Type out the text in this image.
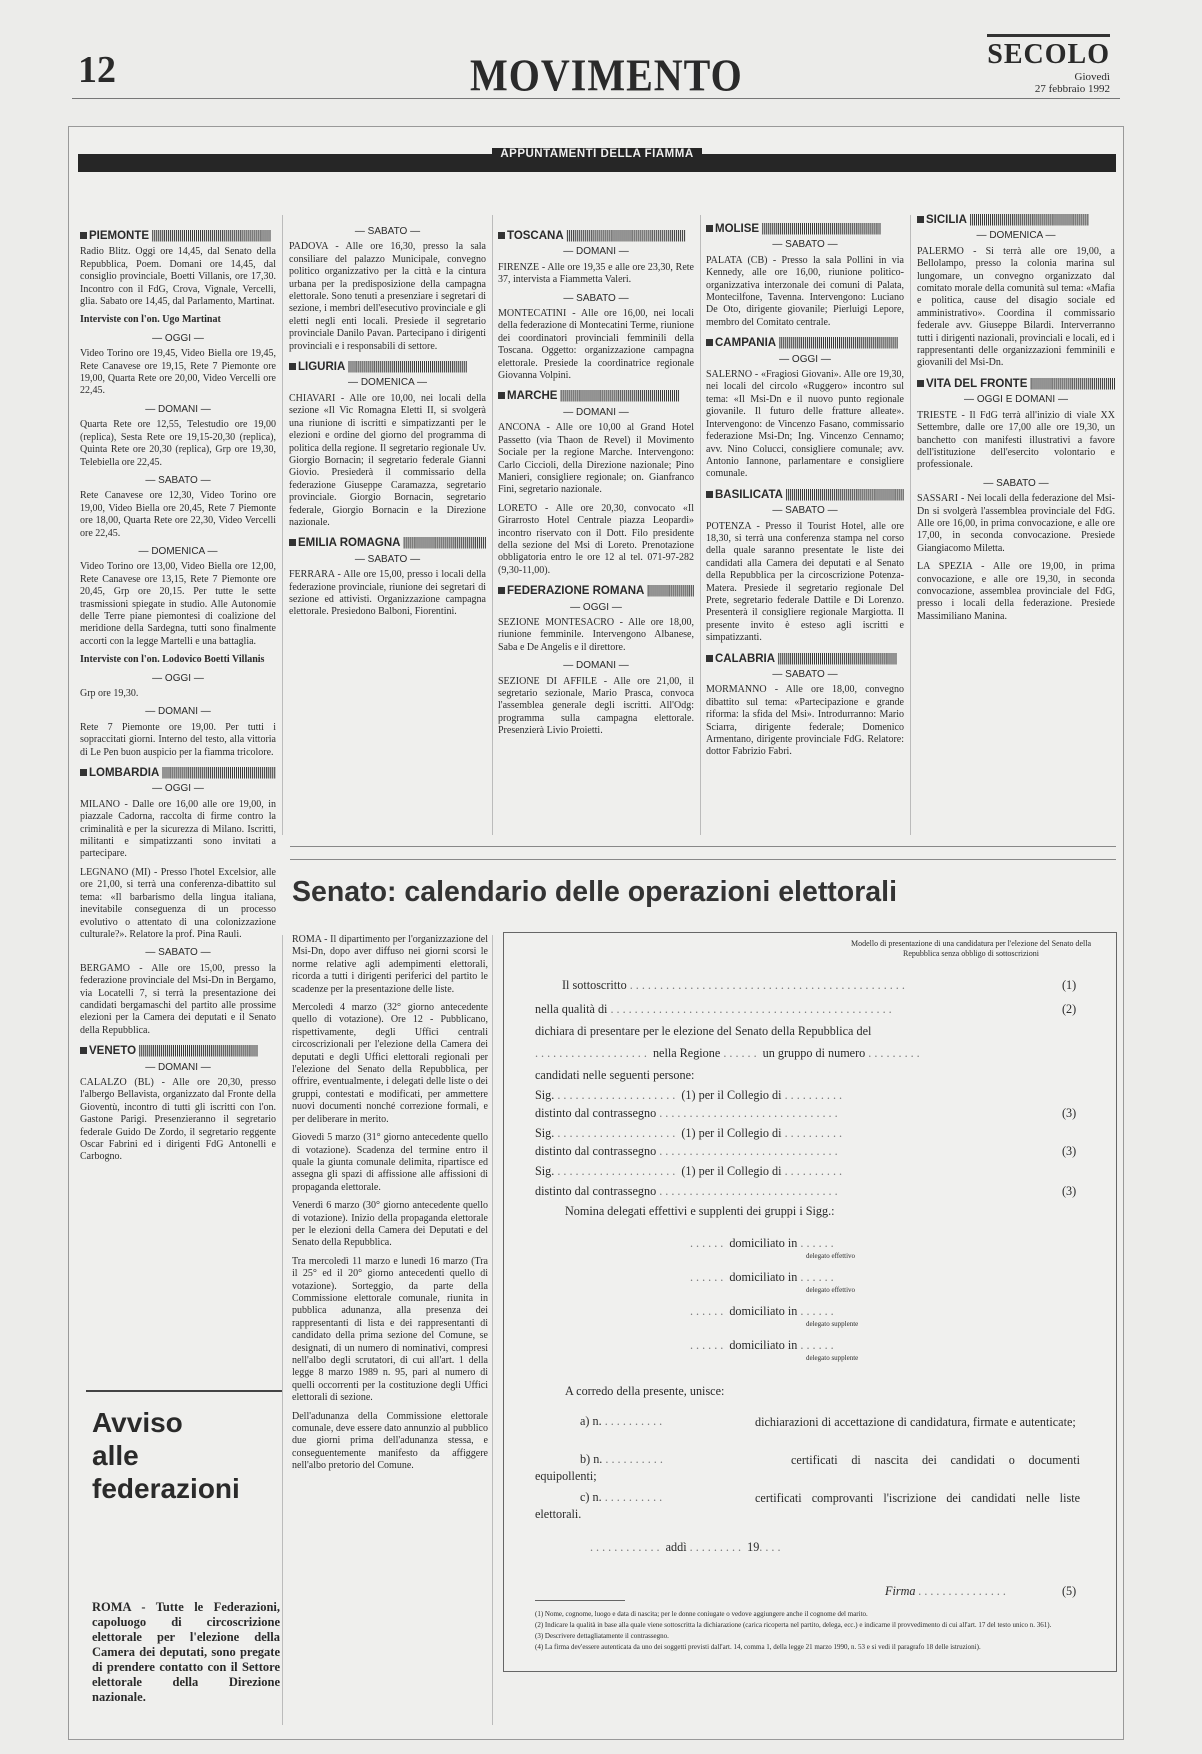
12	MOVIMENTO	SECOLO
Giovedì
27 febbraio 1992
APPUNTAMENTI DELLA FIAMMA
PIEMONTE ||||||||||||||||||||||||||||||||||||||||||||||||||||||||||||

Radio Blitz. Oggi ore 14,45, dal Senato della Repubblica, Poem. Domani ore 14,45, dal consiglio provinciale, Boetti Villanis, ore 17,30. Incontro con il FdG, Crova, Vignale, Vercelli, glia. Sabato ore 14,45, dal Parlamento, Martinat.

Interviste con l'on. Ugo Martinat

— OGGI —

Video Torino ore 19,45, Video Biella ore 19,45, Rete Canavese ore 19,15, Rete 7 Piemonte ore 19,00, Quarta Rete ore 20,00, Video Vercelli ore 22,45.

— DOMANI —

Quarta Rete ore 12,55, Telestudio ore 19,00 (replica), Sesta Rete ore 19,15-20,30 (replica), Quinta Rete ore 20,30 (replica), Grp ore 19,30, Telebiella ore 22,45.

— SABATO —

Rete Canavese ore 12,30, Video Torino ore 19,00, Video Biella ore 20,45, Rete 7 Piemonte ore 18,00, Quarta Rete ore 22,30, Video Vercelli ore 22,45.

— DOMENICA —

Video Torino ore 13,00, Video Biella ore 12,00, Rete Canavese ore 13,15, Rete 7 Piemonte ore 20,45, Grp ore 20,15. Per tutte le sette trasmissioni spiegate in studio. Alle Autonomie delle Terre piane piemontesi di coalizione del meridione della Sardegna, tutti sono finalmente accorti con la legge Martelli e una battaglia.

Interviste con l'on. Lodovico Boetti Villanis

— OGGI —

Grp ore 19,30.

— DOMANI —

Rete 7 Piemonte ore 19,00. Per tutti i sopraccitati giorni. Interno del testo, alla vittoria di Le Pen buon auspicio per la fiamma tricolore.

LOMBARDIA ||||||||||||||||||||||||||||||||||||||||||||||||||||||||||||
— OGGI —

MILANO - Dalle ore 16,00 alle ore 19,00, in piazzale Cadorna, raccolta di firme contro la criminalità e per la sicurezza di Milano. Iscritti, militanti e simpatizzanti sono invitati a partecipare.

LEGNANO (MI) - Presso l'hotel Excelsior, alle ore 21,00, si terrà una conferenza-dibattito sul tema: «Il barbarismo della lingua italiana, inevitabile conseguenza di un processo evolutivo o attentato di una colonizzazione culturale?». Relatore la prof. Pina Rauli.

— SABATO —

BERGAMO - Alle ore 15,00, presso la federazione provinciale del Msi-Dn in Bergamo, via Locatelli 7, si terrà la presentazione dei candidati bergamaschi del partito alle prossime elezioni per la Camera dei deputati e il Senato della Repubblica.

VENETO ||||||||||||||||||||||||||||||||||||||||||||||||||||||||||||
— DOMANI —

CALALZO (BL) - Alle ore 20,30, presso l'albergo Bellavista, organizzato dal Fronte della Gioventù, incontro di tutti gli iscritti con l'on. Gastone Parigi. Presenzieranno il segretario federale Guido De Zordo, il segretario reggente Oscar Fabrini ed i dirigenti FdG Antonelli e Carbogno.

— SABATO —

PADOVA - Alle ore 16,30, presso la sala consiliare del palazzo Municipale, convegno politico organizzativo per la città e la cintura urbana per la predisposizione della campagna elettorale. Sono tenuti a presenziare i segretari di sezione, i membri dell'esecutivo provinciale e gli eletti negli enti locali. Presiede il segretario provinciale Danilo Pavan. Partecipano i dirigenti provinciali e i responsabili di settore.

LIGURIA ||||||||||||||||||||||||||||||||||||||||||||||||||||||||||||
— DOMENICA —

CHIAVARI - Alle ore 10,00, nei locali della sezione «Il Vic Romagna Eletti II, si svolgerà una riunione di iscritti e simpatizzanti per le elezioni e ordine del giorno del programma di politica della regione. Il segretario regionale Uv. Giorgio Bornacin; il segretario federale Gianni Giovio. Presiederà il commissario della federazione Giuseppe Caramazza, segretario provinciale. Giorgio Bornacin, segretario federale, Giorgio Bornacin e la Direzione nazionale.

EMILIA ROMAGNA ||||||||||||||||||||||||||||||||||||||||||||||||||||||||||||
— SABATO —

FERRARA - Alle ore 15,00, presso i locali della federazione provinciale, riunione dei segretari di sezione ed attivisti. Organizzazione campagna elettorale. Presiedono Balboni, Fiorentini.

TOSCANA ||||||||||||||||||||||||||||||||||||||||||||||||||||||||||||
— DOMANI —

FIRENZE - Alle ore 19,35 e alle ore 23,30, Rete 37, intervista a Fiammetta Valeri.

— SABATO —

MONTECATINI - Alle ore 16,00, nei locali della federazione di Montecatini Terme, riunione dei coordinatori provinciali femminili della Toscana. Oggetto: organizzazione campagna elettorale. Presiede la coordinatrice regionale Giovanna Volpini.

MARCHE ||||||||||||||||||||||||||||||||||||||||||||||||||||||||||||
— DOMANI —

ANCONA - Alle ore 10,00 al Grand Hotel Passetto (via Thaon de Revel) il Movimento Sociale per la regione Marche. Intervengono: Carlo Ciccioli, della Direzione nazionale; Pino Manieri, consigliere regionale; on. Gianfranco Fini, segretario nazionale.

LORETO - Alle ore 20,30, convocato «Il Girarrosto Hotel Centrale piazza Leopardi» incontro riservato con il Dott. Filo presidente della sezione del Msi di Loreto. Prenotazione obbligatoria entro le ore 12 al tel. 071-97-282 (9,30-11,00).

FEDERAZIONE ROMANA ||||||||||||||||||||||||||||||||||||||||||||||||||||||||||||
— OGGI —

SEZIONE MONTESACRO - Alle ore 18,00, riunione femminile. Intervengono Albanese, Saba e De Angelis e il direttore.

— DOMANI —

SEZIONE DI AFFILE - Alle ore 21,00, il segretario sezionale, Mario Prasca, convoca l'assemblea generale degli iscritti. All'Odg: programma sulla campagna elettorale. Presenzierà Livio Proietti.

MOLISE ||||||||||||||||||||||||||||||||||||||||||||||||||||||||||||
— SABATO —

PALATA (CB) - Presso la sala Pollini in via Kennedy, alle ore 16,00, riunione politico-organizzativa interzonale dei comuni di Palata, Montecilfone, Tavenna. Intervengono: Luciano De Oto, dirigente giovanile; Pierluigi Lepore, membro del Comitato centrale.

CAMPANIA ||||||||||||||||||||||||||||||||||||||||||||||||||||||||||||
— OGGI —

SALERNO - «Fragiosi Giovani». Alle ore 19,30, nei locali del circolo «Ruggero» incontro sul tema: «Il Msi-Dn e il nuovo punto regionale giovanile. Il futuro delle fratture alleate». Intervengono: de Vincenzo Fasano, commissario federazione Msi-Dn; Ing. Vincenzo Cennamo; avv. Nino Colucci, consigliere comunale; avv. Antonio Iannone, parlamentare e consigliere comunale.

BASILICATA ||||||||||||||||||||||||||||||||||||||||||||||||||||||||||||
— SABATO —

POTENZA - Presso il Tourist Hotel, alle ore 18,30, si terrà una conferenza stampa nel corso della quale saranno presentate le liste dei candidati alla Camera dei deputati e al Senato della Repubblica per la circoscrizione Potenza-Matera. Presiede il segretario regionale Del Prete, segretario federale Dattile e Di Lorenzo. Presenterà il consigliere regionale Margiotta. Il presente invito è esteso agli iscritti e simpatizzanti.

CALABRIA ||||||||||||||||||||||||||||||||||||||||||||||||||||||||||||
— SABATO —

MORMANNO - Alle ore 18,00, convegno dibattito sul tema: «Partecipazione e grande riforma: la sfida del Msi». Introdurranno: Mario Sciarra, dirigente federale; Domenico Armentano, dirigente provinciale FdG. Relatore: dottor Fabrizio Fabri.

SICILIA ||||||||||||||||||||||||||||||||||||||||||||||||||||||||||||
— DOMENICA —

PALERMO - Si terrà alle ore 19,00, a Bellolampo, presso la colonia marina sul lungomare, un convegno organizzato dal comitato morale della comunità sul tema: «Mafia e politica, cause del disagio sociale ed amministrativo». Coordina il commissario federale avv. Giuseppe Bilardi. Interverranno tutti i dirigenti nazionali, provinciali e locali, ed i rappresentanti delle organizzazioni femminili e giovanili del Msi-Dn.

VITA DEL FRONTE ||||||||||||||||||||||||||||||||||||||||||||||||||||||||||||
— OGGI E DOMANI —

TRIESTE - Il FdG terrà all'inizio di viale XX Settembre, dalle ore 17,00 alle ore 19,30, un banchetto con manifesti illustrativi a favore dell'istituzione dell'esercito volontario e professionale.

— SABATO —

SASSARI - Nei locali della federazione del Msi-Dn si svolgerà l'assemblea provinciale del FdG. Alle ore 16,00, in prima convocazione, e alle ore 17,00, in seconda convocazione. Presiede Giangiacomo Miletta.

LA SPEZIA - Alle ore 19,00, in prima convocazione, e alle ore 19,30, in seconda convocazione, assemblea provinciale del FdG, presso i locali della federazione. Presiede Massimiliano Manina.

Senato: calendario delle operazioni elettorali

ROMA - Il dipartimento per l'organizzazione del Msi-Dn, dopo aver diffuso nei giorni scorsi le norme relative agli adempimenti elettorali, ricorda a tutti i dirigenti periferici del partito le scadenze per la presentazione delle liste.

Mercoledì 4 marzo (32° giorno antecedente quello di votazione). Ore 12 - Pubblicano, rispettivamente, degli Uffici centrali circoscrizionali per l'elezione della Camera dei deputati e degli Uffici elettorali regionali per l'elezione del Senato della Repubblica, per offrire, eventualmente, i delegati delle liste o dei gruppi, contestati e modificati, per ammettere nuovi documenti nonché correzione formali, e per deliberare in merito.

Giovedì 5 marzo (31° giorno antecedente quello di votazione). Scadenza del termine entro il quale la giunta comunale delimita, ripartisce ed assegna gli spazi di affissione alle affissioni di propaganda elettorale.

Venerdì 6 marzo (30° giorno antecedente quello di votazione). Inizio della propaganda elettorale per le elezioni della Camera dei Deputati e del Senato della Repubblica.

Tra mercoledì 11 marzo e lunedì 16 marzo (Tra il 25° ed il 20° giorno antecedenti quello di votazione). Sorteggio, da parte della Commissione elettorale comunale, riunita in pubblica adunanza, alla presenza dei rappresentanti di lista e dei rappresentanti di candidato della prima sezione del Comune, se designati, di un numero di nominativi, compresi nell'albo degli scrutatori, di cui all'art. 1 della legge 8 marzo 1989 n. 95, pari al numero di quelli occorrenti per la costituzione degli Uffici elettorali di sezione.

Dell'adunanza della Commissione elettorale comunale, deve essere dato annunzio al pubblico due giorni prima dell'adunanza stessa, e conseguentemente manifesto da affiggere nell'albo pretorio del Comune.

Avviso
alle
federazioni
ROMA - Tutte le Federazioni, capoluogo di circoscrizione elettorale per l'elezione della Camera dei deputati, sono pregate di prendere contatto con il Settore elettorale della Direzione nazionale.
Modello di presentazione di una candidatura per l'elezione del Senato della Repubblica senza obbligo di sottoscrizioni
Il sottoscritto ..............................................	(1)
nella qualità di ...............................................	(2)
dichiara di presentare per le elezione del Senato della Repubblica del
................... nella Regione ...... un gruppo di numero .........
candidati nelle seguenti persone:
Sig. .................... (1) per il Collegio di ..........
distinto dal contrassegno ..............................	(3)
Sig. .................... (1) per il Collegio di ..........
distinto dal contrassegno ..............................	(3)
Sig. .................... (1) per il Collegio di ..........
distinto dal contrassegno ..............................	(3)
Nomina delegati effettivi e supplenti dei gruppi i Sigg.:
...... domiciliato in ......
delegato effettivo
...... domiciliato in ......
delegato effettivo
...... domiciliato in ......
delegato supplente
...... domiciliato in ......
delegato supplente
A corredo della presente, unisce:
a) n. ..........	dichiarazioni di accettazione di candidatura, firmate e autenticate;
b) n. ..........	certificati di nascita dei candidati o documenti equipollenti;
c) n. ..........	certificati comprovanti l'iscrizione dei candidati nelle liste elettorali.
............ addì ......... 19....
Firma ...............	(5)

(1) Nome, cognome, luogo e data di nascita; per le donne coniugate o vedove aggiungere anche il cognome del marito.

(2) Indicare la qualità in base alla quale viene sottoscritta la dichiarazione (carica ricoperta nel partito, delega, ecc.) e indicarne il provvedimento di cui all'art. 17 del testo unico n. 361).

(3) Descrivere dettagliatamente il contrassegno.

(4) La firma dev'essere autenticata da uno dei soggetti previsti dall'art. 14, comma 1, della legge 21 marzo 1990, n. 53 e si vedi il paragrafo 18 delle istruzioni).
